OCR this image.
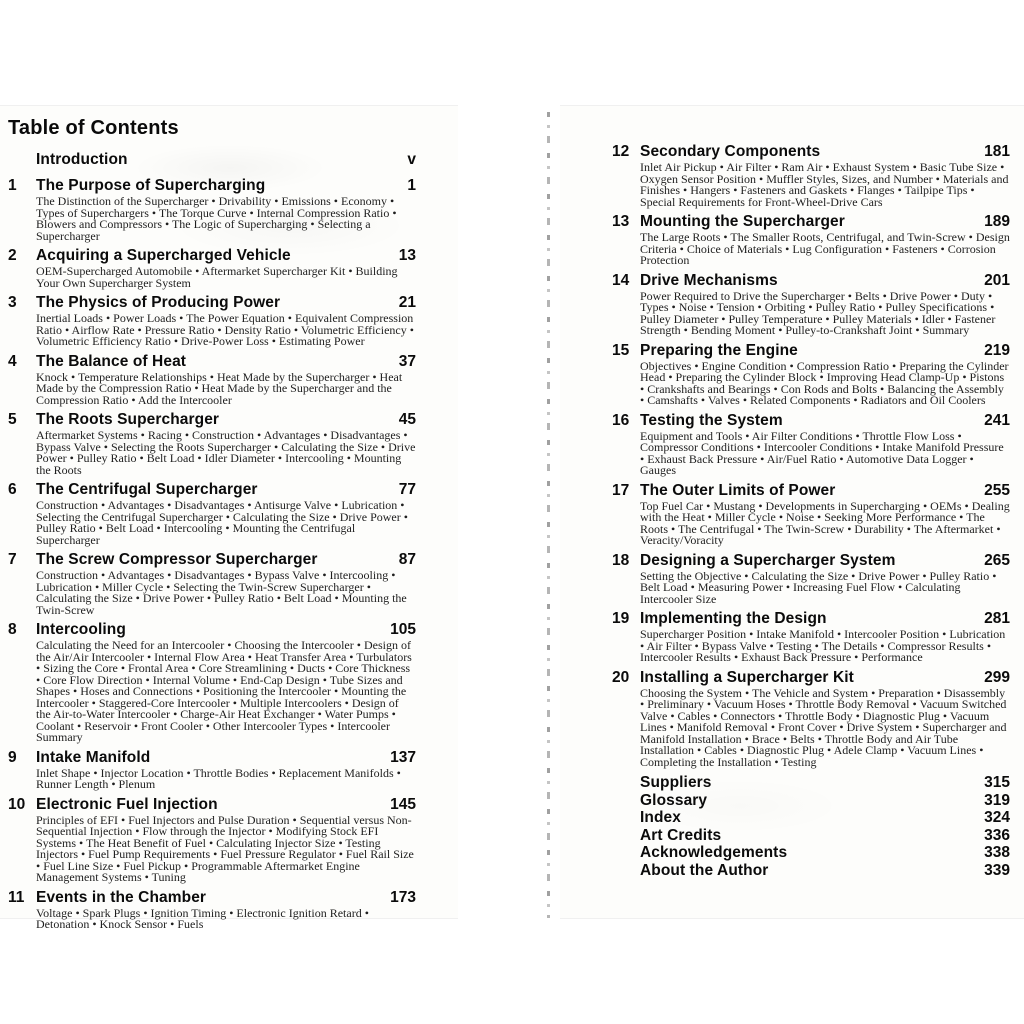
Table of Contents
Introduction	v
1	The Purpose of Supercharging	1
The Distinction of the Supercharger • Drivability • Emissions • Economy • Types of Superchargers • The Torque Curve • Internal Compression Ratio • Blowers and Compressors • The Logic of Supercharging • Selecting a Supercharger
2	Acquiring a Supercharged Vehicle	13
OEM-Supercharged Automobile • Aftermarket Supercharger Kit • Building Your Own Supercharger System
3	The Physics of Producing Power	21
Inertial Loads • Power Loads • The Power Equation • Equivalent Compression Ratio • Airflow Rate • Pressure Ratio • Density Ratio • Volumetric Efficiency • Volumetric Efficiency Ratio • Drive-Power Loss • Estimating Power
4	The Balance of Heat	37
Knock • Temperature Relationships • Heat Made by the Supercharger • Heat Made by the Compression Ratio • Heat Made by the Supercharger and the Compression Ratio • Add the Intercooler
5	The Roots Supercharger	45
Aftermarket Systems • Racing • Construction • Advantages • Disadvantages • Bypass Valve • Selecting the Roots Supercharger • Calculating the Size • Drive Power • Pulley Ratio • Belt Load • Idler Diameter • Intercooling • Mounting the Roots
6	The Centrifugal Supercharger	77
Construction • Advantages • Disadvantages • Antisurge Valve • Lubrication • Selecting the Centrifugal Supercharger • Calculating the Size • Drive Power • Pulley Ratio • Belt Load • Intercooling • Mounting the Centrifugal Supercharger
7	The Screw Compressor Supercharger	87
Construction • Advantages • Disadvantages • Bypass Valve • Intercooling • Lubrication • Miller Cycle • Selecting the Twin-Screw Supercharger • Calculating the Size • Drive Power • Pulley Ratio • Belt Load • Mounting the Twin-Screw
8	Intercooling	105
Calculating the Need for an Intercooler • Choosing the Intercooler • Design of the Air/Air Intercooler • Internal Flow Area • Heat Transfer Area • Turbulators • Sizing the Core • Frontal Area • Core Streamlining • Ducts • Core Thickness • Core Flow Direction • Internal Volume • End-Cap Design • Tube Sizes and Shapes • Hoses and Connections • Positioning the Intercooler • Mounting the Intercooler • Staggered-Core Intercooler • Multiple Intercoolers • Design of the Air-to-Water Intercooler • Charge-Air Heat Exchanger • Water Pumps • Coolant • Reservoir • Front Cooler • Other Intercooler Types • Intercooler Summary
9	Intake Manifold	137
Inlet Shape • Injector Location • Throttle Bodies • Replacement Manifolds • Runner Length • Plenum
10 Electronic Fuel Injection	145
Principles of EFI • Fuel Injectors and Pulse Duration • Sequential versus Non-Sequential Injection • Flow through the Injector • Modifying Stock EFI Systems • The Heat Benefit of Fuel • Calculating Injector Size • Testing Injectors • Fuel Pump Requirements • Fuel Pressure Regulator • Fuel Rail Size • Fuel Line Size • Fuel Pickup • Programmable Aftermarket Engine Management Systems • Tuning
11 Events in the Chamber	173
Voltage • Spark Plugs • Ignition Timing • Electronic Ignition Retard • Detonation • Knock Sensor • Fuels
12 Secondary Components	181
Inlet Air Pickup • Air Filter • Ram Air • Exhaust System • Basic Tube Size • Oxygen Sensor Position • Muffler Styles, Sizes, and Number • Materials and Finishes • Hangers • Fasteners and Gaskets • Flanges • Tailpipe Tips • Special Requirements for Front-Wheel-Drive Cars
13 Mounting the Supercharger	189
The Large Roots • The Smaller Roots, Centrifugal, and Twin-Screw • Design Criteria • Choice of Materials • Lug Configuration • Fasteners • Corrosion Protection
14 Drive Mechanisms	201
Power Required to Drive the Supercharger • Belts • Drive Power • Duty • Types • Noise • Tension • Orbiting • Pulley Ratio • Pulley Specifications • Pulley Diameter • Pulley Temperature • Pulley Materials • Idler • Fastener Strength • Bending Moment • Pulley-to-Crankshaft Joint • Summary
15 Preparing the Engine	219
Objectives • Engine Condition • Compression Ratio • Preparing the Cylinder Head • Preparing the Cylinder Block • Improving Head Clamp-Up • Pistons • Crankshafts and Bearings • Con Rods and Bolts • Balancing the Assembly • Camshafts • Valves • Related Components • Radiators and Oil Coolers
16 Testing the System	241
Equipment and Tools • Air Filter Conditions • Throttle Flow Loss • Compressor Conditions • Intercooler Conditions • Intake Manifold Pressure • Exhaust Back Pressure • Air/Fuel Ratio • Automotive Data Logger • Gauges
17 The Outer Limits of Power	255
Top Fuel Car • Mustang • Developments in Supercharging • OEMs • Dealing with the Heat • Miller Cycle • Noise • Seeking More Performance • The Roots • The Centrifugal • The Twin-Screw • Durability • The Aftermarket • Veracity/Voracity
18 Designing a Supercharger System	265
Setting the Objective • Calculating the Size • Drive Power • Pulley Ratio • Belt Load • Measuring Power • Increasing Fuel Flow • Calculating Intercooler Size
19 Implementing the Design	281
Supercharger Position • Intake Manifold • Intercooler Position • Lubrication • Air Filter • Bypass Valve • Testing • The Details • Compressor Results • Intercooler Results • Exhaust Back Pressure • Performance
20 Installing a Supercharger Kit	299
Choosing the System • The Vehicle and System • Preparation • Disassembly • Preliminary • Vacuum Hoses • Throttle Body Removal • Vacuum Switched Valve • Cables • Connectors • Throttle Body • Diagnostic Plug • Vacuum Lines • Manifold Removal • Front Cover • Drive System • Supercharger and Manifold Installation • Brace • Belts • Throttle Body and Air Tube Installation • Cables • Diagnostic Plug • Adele Clamp • Vacuum Lines • Completing the Installation • Testing
Suppliers	315
Glossary	319
Index	324
Art Credits	336
Acknowledgements	338
About the Author	339
